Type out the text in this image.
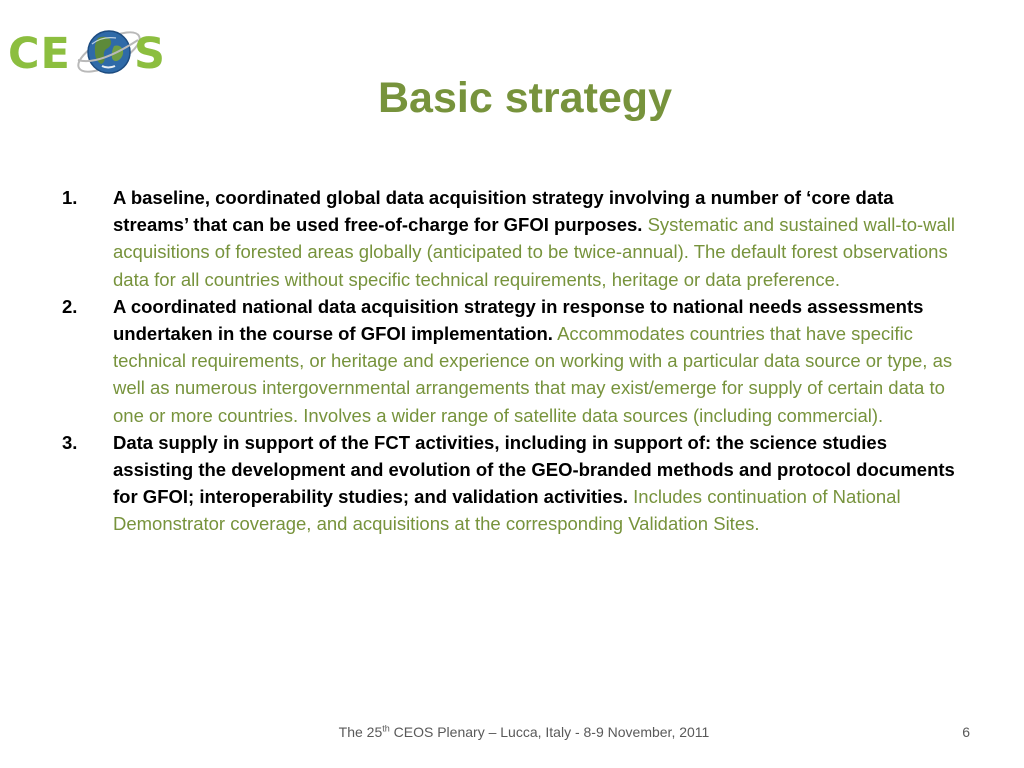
CE S
Basic strategy
1.	A baseline, coordinated global data acquisition strategy involving a number of ‘core data streams’ that can be used free-of-charge for GFOI purposes. Systematic and sustained wall-to-wall acquisitions of forested areas globally (anticipated to be twice-annual). The default forest observations data for all countries without specific technical requirements, heritage or data preference.
2.	A coordinated national data acquisition strategy in response to national needs assessments undertaken in the course of GFOI implementation. Accommodates countries that have specific technical requirements, or heritage and experience on working with a particular data source or type, as well as numerous intergovernmental arrangements that may exist/emerge for supply of certain data to one or more countries. Involves a wider range of satellite data sources (including commercial).
3.	Data supply in support of the FCT activities, including in support of: the science studies assisting the development and evolution of the GEO-branded methods and protocol documents for GFOI; interoperability studies; and validation activities. Includes continuation of National Demonstrator coverage, and acquisitions at the corresponding Validation Sites.
The 25th CEOS Plenary – Lucca, Italy - 8-9 November, 2011	6
